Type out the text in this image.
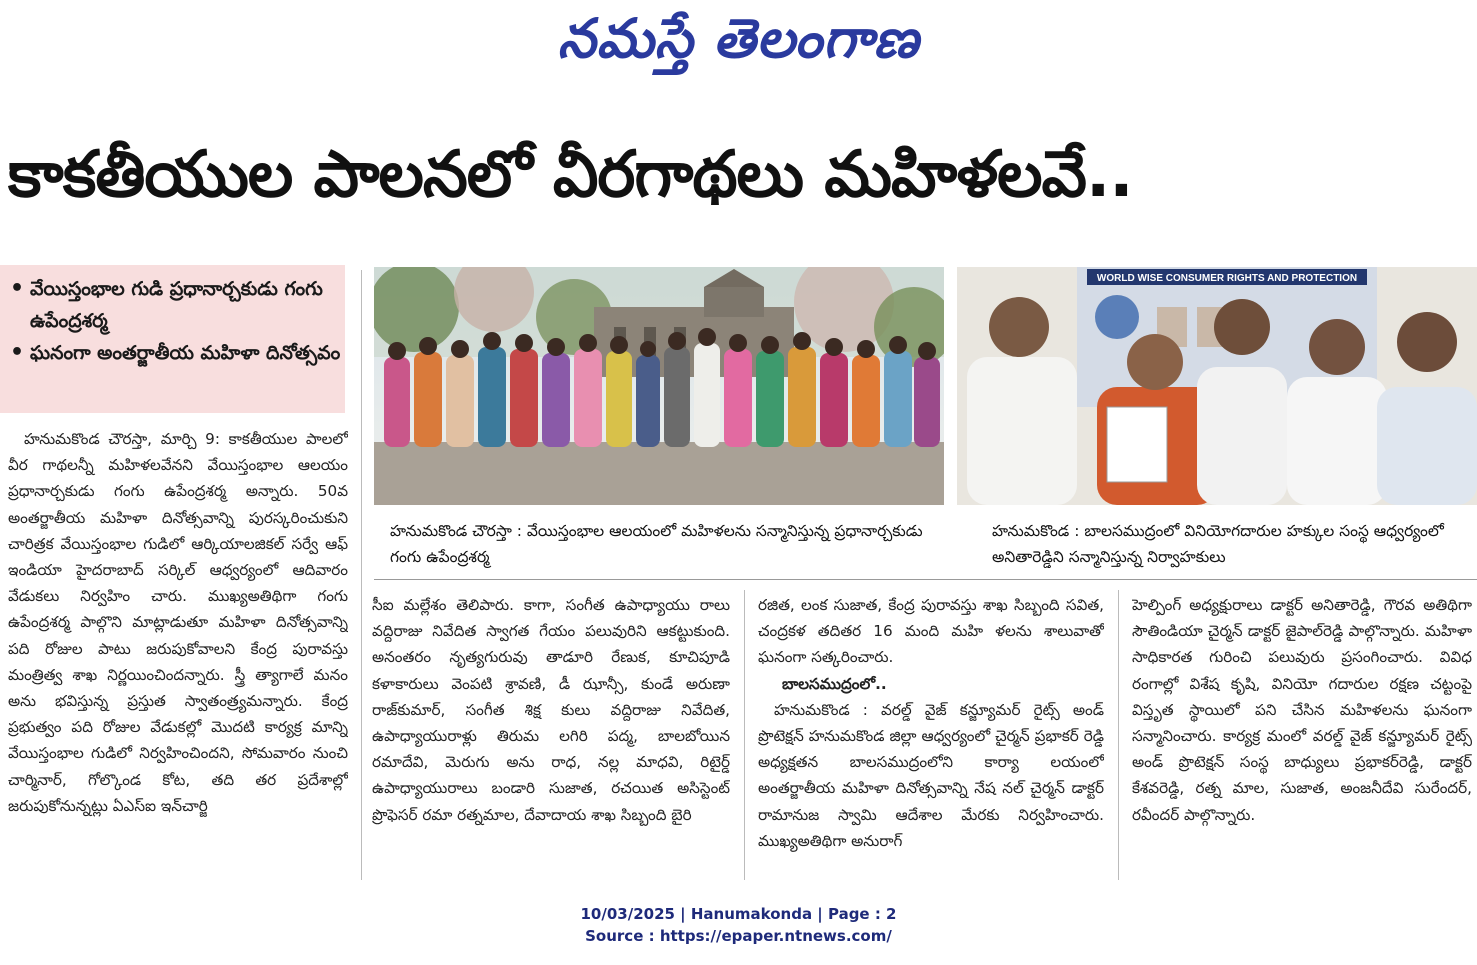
నమస్తే తెలంగాణ
కాకతీయుల పాలనలో వీరగాథలు మహిళలవే..
• వేయిస్తంభాల గుడి ప్రధానార్చకుడు గంగు ఉపేంద్రశర్మ
• ఘనంగా అంతర్జాతీయ మహిళా దినోత్సవం
WORLD WISE CONSUMER RIGHTS AND PROTECTION
హనుమకొండ చౌరస్తా : వేయిస్తంభాల ఆలయంలో మహిళలను సన్మానిస్తున్న ప్రధానార్చకుడు గంగు ఉపేంద్రశర్మ
హనుమకొండ : బాలసముద్రంలో వినియోగదారుల హక్కుల సంస్థ ఆధ్వర్యంలో అనితారెడ్డిని సన్మానిస్తున్న నిర్వాహకులు

హనుమకొండ చౌరస్తా, మార్చి 9: కాకతీయుల పాలలో వీర గాథలన్నీ మహిళలవేనని వేయిస్తంభాల ఆలయం ప్రధానార్చకుడు గంగు ఉపేంద్రశర్మ అన్నారు. 50వ అంతర్జాతీయ మహిళా దినోత్సవాన్ని పురస్కరించుకుని చారిత్రక వేయిస్తంభాల గుడిలో ఆర్కియాలజికల్ సర్వే ఆఫ్ ఇండియా హైదరాబాద్ సర్కిల్ ఆధ్వర్యంలో ఆదివారం వేడుకలు నిర్వహిం చారు. ముఖ్యఅతిథిగా గంగు ఉపేంద్రశర్మ పాల్గొని మాట్లాడుతూ మహిళా దినోత్సవాన్ని పది రోజుల పాటు జరుపుకోవాలని కేంద్ర పురావస్తు మంత్రిత్వ శాఖ నిర్ణయించిందన్నారు. స్త్రీ త్యాగాలే మనం అను భవిస్తున్న ప్రస్తుత స్వాతంత్ర్యమన్నారు. కేంద్ర ప్రభుత్వం పది రోజుల వేడుకల్లో మొదటి కార్యక్ర మాన్ని వేయిస్తంభాల గుడిలో నిర్వహించిందని, సోమవారం నుంచి చార్మినార్, గోల్కొండ కోట, తది తర ప్రదేశాల్లో జరుపుకోనున్నట్లు ఏఎస్ఐ ఇన్‌చార్జి

సీఐ మల్లేశం తెలిపారు. కాగా, సంగీత ఉపాధ్యాయు రాలు వద్దిరాజు నివేదిత స్వాగత గేయం పలువురిని ఆకట్టుకుంది. అనంతరం నృత్యగురువు తాడూరి రేణుక, కూచిపూడి కళాకారులు వెంపటి శ్రావణి, డీ ఝాన్సీ, కుండే అరుణా రాజ్‌కుమార్, సంగీత శిక్ష కులు వద్దిరాజు నివేదిత, ఉపాధ్యాయురాళ్లు తిరుమ లగిరి పద్మ, బాలబోయిన రమాదేవి, మెరుగు అను రాధ, నల్ల మాధవి, రిటైర్డ్ ఉపాధ్యాయురాలు బండారి సుజాత, రచయిత అసిస్టెంట్ ప్రొఫెసర్ రమా రత్నమాల, దేవాదాయ శాఖ సిబ్బంది బైరి

రజిత, లంక సుజాత, కేంద్ర పురావస్తు శాఖ సిబ్బంది సవిత, చంద్రకళ తదితర 16 మంది మహి ళలను శాలువాతో ఘనంగా సత్కరించారు.

బాలసముద్రంలో..

హనుమకొండ : వరల్డ్ వైజ్ కన్జ్యూమర్ రైట్స్ అండ్ ప్రొటెక్షన్ హనుమకొండ జిల్లా ఆధ్వర్యంలో చైర్మన్ ప్రభాకర్ రెడ్డి అధ్యక్షతన బాలసముద్రంలోని కార్యా లయంలో అంతర్జాతీయ మహిళా దినోత్సవాన్ని నేష నల్ చైర్మన్ డాక్టర్ రామానుజ స్వామి ఆదేశాల మేరకు నిర్వహించారు. ముఖ్యఅతిథిగా అనురాగ్

హెల్పింగ్ అధ్యక్షురాలు డాక్టర్ అనితారెడ్డి, గౌరవ అతిథిగా సౌతిండియా చైర్మన్ డాక్టర్ జైపాల్‌రెడ్డి పాల్గొన్నారు. మహిళా సాధికారత గురించి పలువురు ప్రసంగించారు. వివిధ రంగాల్లో విశేష కృషి, వినియో గదారుల రక్షణ చట్టంపై విస్తృత స్థాయిలో పని చేసిన మహిళలను ఘనంగా సన్మానించారు. కార్యక్ర మంలో వరల్డ్ వైజ్ కన్జ్యూమర్ రైట్స్ అండ్ ప్రొటెక్షన్ సంస్థ బాధ్యులు ప్రభాకర్‌రెడ్డి, డాక్టర్ కేశవరెడ్డి, రత్న మాల, సుజాత, అంజనీదేవి సురేందర్, రవీందర్ పాల్గొన్నారు.

10/03/2025 | Hanumakonda | Page : 2
Source : https://epaper.ntnews.com/
